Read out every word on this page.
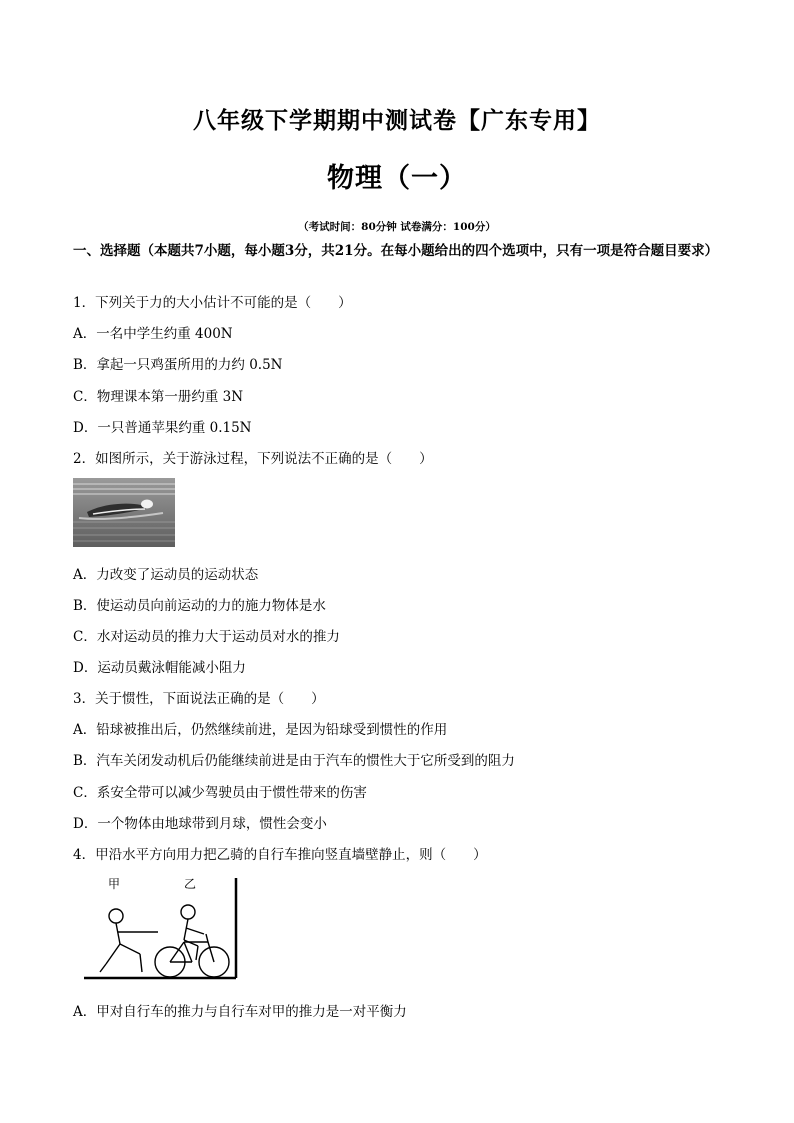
八年级下学期期中测试卷【广东专用】
物理（一）
（考试时间：80分钟 试卷满分：100分）
一、选择题（本题共7小题，每小题3分，共21分。在每小题给出的四个选项中，只有一项是符合题目要求）
1．下列关于力的大小估计不可能的是（　　）
A．一名中学生约重 400N
B．拿起一只鸡蛋所用的力约 0.5N
C．物理课本第一册约重 3N
D．一只普通苹果约重 0.15N
2．如图所示，关于游泳过程，下列说法不正确的是（　　）
A．力改变了运动员的运动状态
B．使运动员向前运动的力的施力物体是水
C．水对运动员的推力大于运动员对水的推力
D．运动员戴泳帽能减小阻力
3．关于惯性，下面说法正确的是（　　）
A．铅球被推出后，仍然继续前进，是因为铅球受到惯性的作用
B．汽车关闭发动机后仍能继续前进是由于汽车的惯性大于它所受到的阻力
C．系安全带可以减少驾驶员由于惯性带来的伤害
D．一个物体由地球带到月球，惯性会变小
4．甲沿水平方向用力把乙骑的自行车推向竖直墙壁静止，则（　　）
甲	乙
A．甲对自行车的推力与自行车对甲的推力是一对平衡力
